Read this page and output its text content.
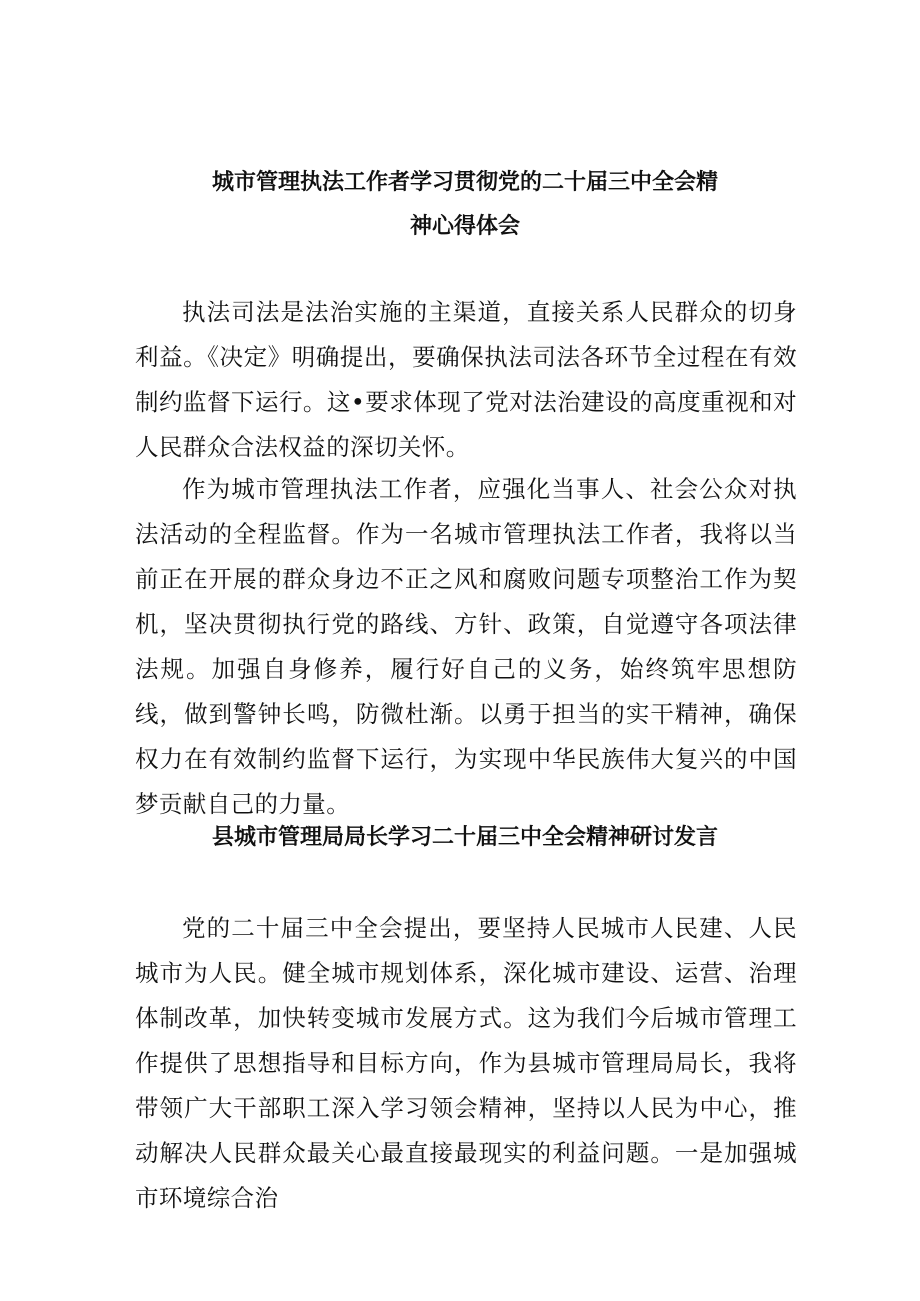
城市管理执法工作者学习贯彻党的二十届三中全会精
神心得体会

执法司法是法治实施的主渠道，直接关系人民群众的切身利益。《决定》明确提出，要确保执法司法各环节全过程在有效制约监督下运行。这•要求体现了党对法治建设的高度重视和对人民群众合法权益的深切关怀。

作为城市管理执法工作者，应强化当事人、社会公众对执法活动的全程监督。作为一名城市管理执法工作者，我将以当前正在开展的群众身边不正之风和腐败问题专项整治工作为契机，坚决贯彻执行党的路线、方针、政策，自觉遵守各项法律法规。加强自身修养，履行好自己的义务，始终筑牢思想防线，做到警钟长鸣，防微杜渐。以勇于担当的实干精神，确保权力在有效制约监督下运行，为实现中华民族伟大复兴的中国梦贡献自己的力量。

县城市管理局局长学习二十届三中全会精神研讨发言

党的二十届三中全会提出，要坚持人民城市人民建、人民城市为人民。健全城市规划体系，深化城市建设、运营、治理体制改革，加快转变城市发展方式。这为我们今后城市管理工作提供了思想指导和目标方向，作为县城市管理局局长，我将带领广大干部职工深入学习领会精神，坚持以人民为中心，推动解决人民群众最关心最直接最现实的利益问题。一是加强城市环境综合治
